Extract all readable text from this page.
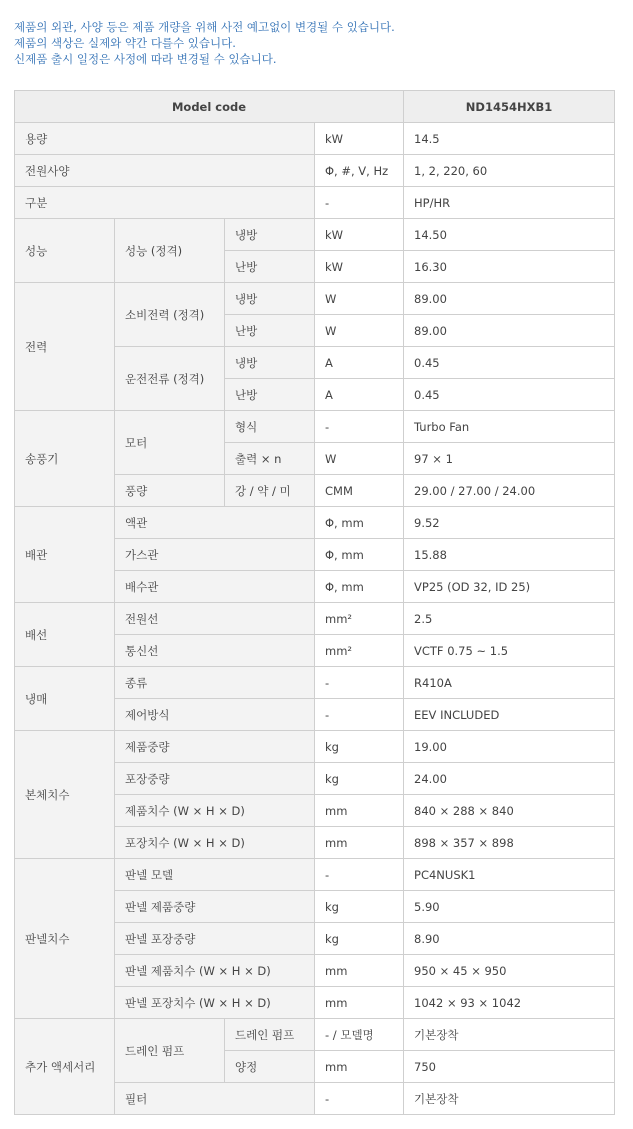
제품의 외관, 사양 등은 제품 개량을 위해 사전 예고없이 변경될 수 있습니다.
제품의 색상은 실제와 약간 다를수 있습니다.
신제품 출시 일정은 사정에 따라 변경될 수 있습니다.
Model code				ND1454HXB1
용량			kW	14.5
전원사양			Φ, #, V, Hz	1, 2, 220, 60
구분			-	HP/HR
성능	성능 (정격)	냉방	kW	14.50
		난방	kW	16.30
전력	소비전력 (정격)	냉방	W	89.00
		난방	W	89.00
	운전전류 (정격)	냉방	A	0.45
		난방	A	0.45
송풍기	모터	형식	-	Turbo Fan
		출력 × n	W	97 × 1
	풍량	강 / 약 / 미	CMM	29.00 / 27.00 / 24.00
배관	액관		Φ, mm	9.52
	가스관		Φ, mm	15.88
	배수관		Φ, mm	VP25 (OD 32, ID 25)
배선	전원선		mm²	2.5
	통신선		mm²	VCTF 0.75 ~ 1.5
냉매	종류		-	R410A
	제어방식		-	EEV INCLUDED
본체치수	제품중량		kg	19.00
	포장중량		kg	24.00
	제품치수 (W × H × D)		mm	840 × 288 × 840
	포장치수 (W × H × D)		mm	898 × 357 × 898
판넬치수	판넬 모델		-	PC4NUSK1
	판넬 제품중량		kg	5.90
	판넬 포장중량		kg	8.90
	판넬 제품치수 (W × H × D)		mm	950 × 45 × 950
	판넬 포장치수 (W × H × D)		mm	1042 × 93 × 1042
추가 액세서리	드레인 펌프	드레인 펌프	- / 모델명	기본장착
		양정	mm	750
	필터		-	기본장착
